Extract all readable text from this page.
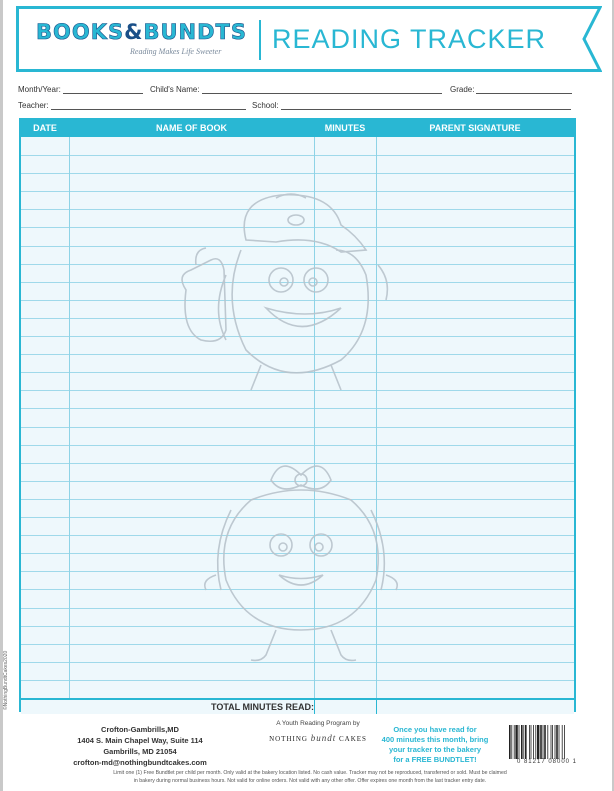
BOOKS&BUNDTS
Reading Makes Life Sweeter READING TRACKER
Month/Year:	Child's Name:	Grade:
Teacher:	School:
DATE	NAME OF BOOK	MINUTES	PARENT SIGNATURE
TOTAL MINUTES READ:
Crofton-Gambrills,MD
1404 S. Main Chapel Way, Suite 114
Gambrills, MD 21054
crofton-md@nothingbundtcakes.com
A Youth Reading Program by
NOTHING bundt CAKES
Once you have read for
400 minutes this month, bring
your tracker to the bakery
for a FREE BUNDTLET!	0 81217 08000 1
Limit one (1) Free Bundtlet per child per month. Only valid at the bakery location listed. No cash value. Tracker may not be reproduced, transferred or sold. Must be claimed
in bakery during normal business hours. Not valid for online orders. Not valid with any other offer. Offer expires one month from the last tracker entry date.
©NothingBundtCakes2020
